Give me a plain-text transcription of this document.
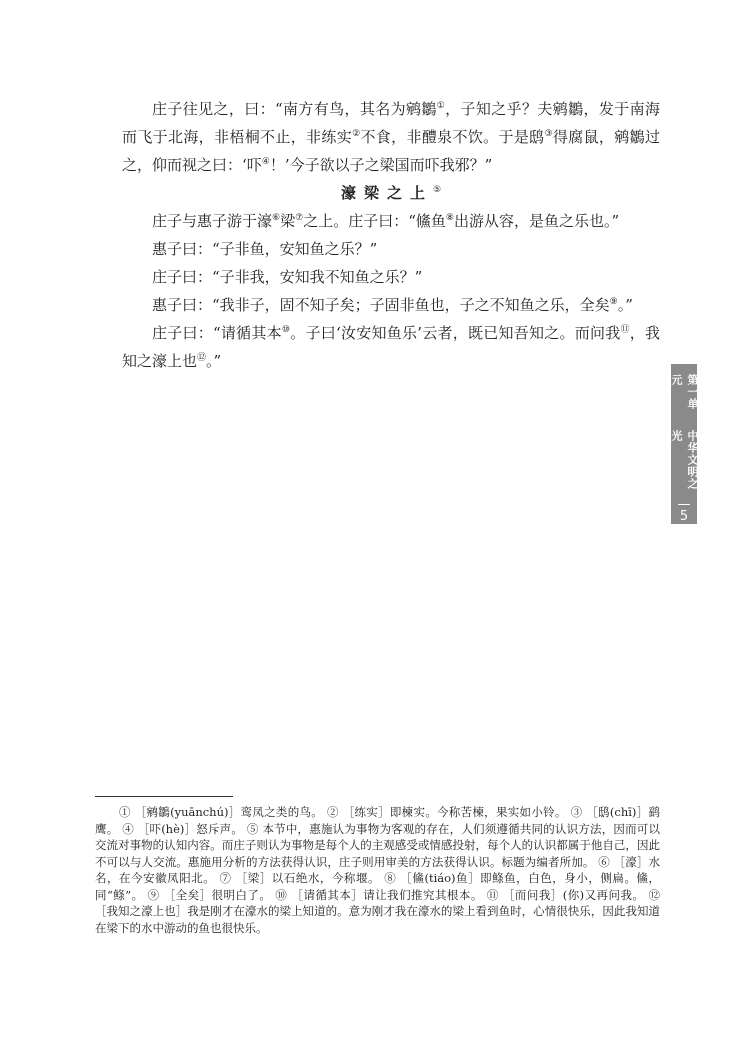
庄子往见之，曰：“南方有鸟，其名为鹓鶵①，子知之乎？夫鹓鶵，发于南海而飞于北海，非梧桐不止，非练实②不食，非醴泉不饮。于是鸱③得腐鼠，鹓鶵过之，仰而视之曰：‘吓④！’今子欲以子之梁国而吓我邪？”

濠梁之上⑤

庄子与惠子游于濠⑥梁⑦之上。庄子曰：“鯈鱼⑧出游从容，是鱼之乐也。”

惠子曰：“子非鱼，安知鱼之乐？”

庄子曰：“子非我，安知我不知鱼之乐？”

惠子曰：“我非子，固不知子矣；子固非鱼也，子之不知鱼之乐，全矣⑨。”

庄子曰：“请循其本⑩。子曰‘汝安知鱼乐’云者，既已知吾知之。而问我⑪，我知之濠上也⑫。”

第一单元
中华文明之光
5

① ［鹓鶵(yuānchú)］鸾凤之类的鸟。 ② ［练实］即楝实。今称苦楝，果实如小铃。 ③ ［鸱(chī)］鹞鹰。 ④ ［吓(hè)］怒斥声。 ⑤ 本节中，惠施认为事物为客观的存在，人们须遵循共同的认识方法，因而可以交流对事物的认知内容。而庄子则认为事物是每个人的主观感受或情感投射，每个人的认识都属于他自己，因此不可以与人交流。惠施用分析的方法获得认识，庄子则用审美的方法获得认识。标题为编者所加。 ⑥ ［濠］水名，在今安徽凤阳北。 ⑦ ［梁］以石绝水，今称堰。 ⑧ ［鯈(tiáo)鱼］即鲦鱼，白色，身小，侧扁。鯈，同“鲦”。 ⑨ ［全矣］很明白了。 ⑩ ［请循其本］请让我们推究其根本。 ⑪ ［而问我］(你)又再问我。 ⑫ ［我知之濠上也］我是刚才在濠水的梁上知道的。意为刚才我在濠水的梁上看到鱼时，心情很快乐，因此我知道在梁下的水中游动的鱼也很快乐。
